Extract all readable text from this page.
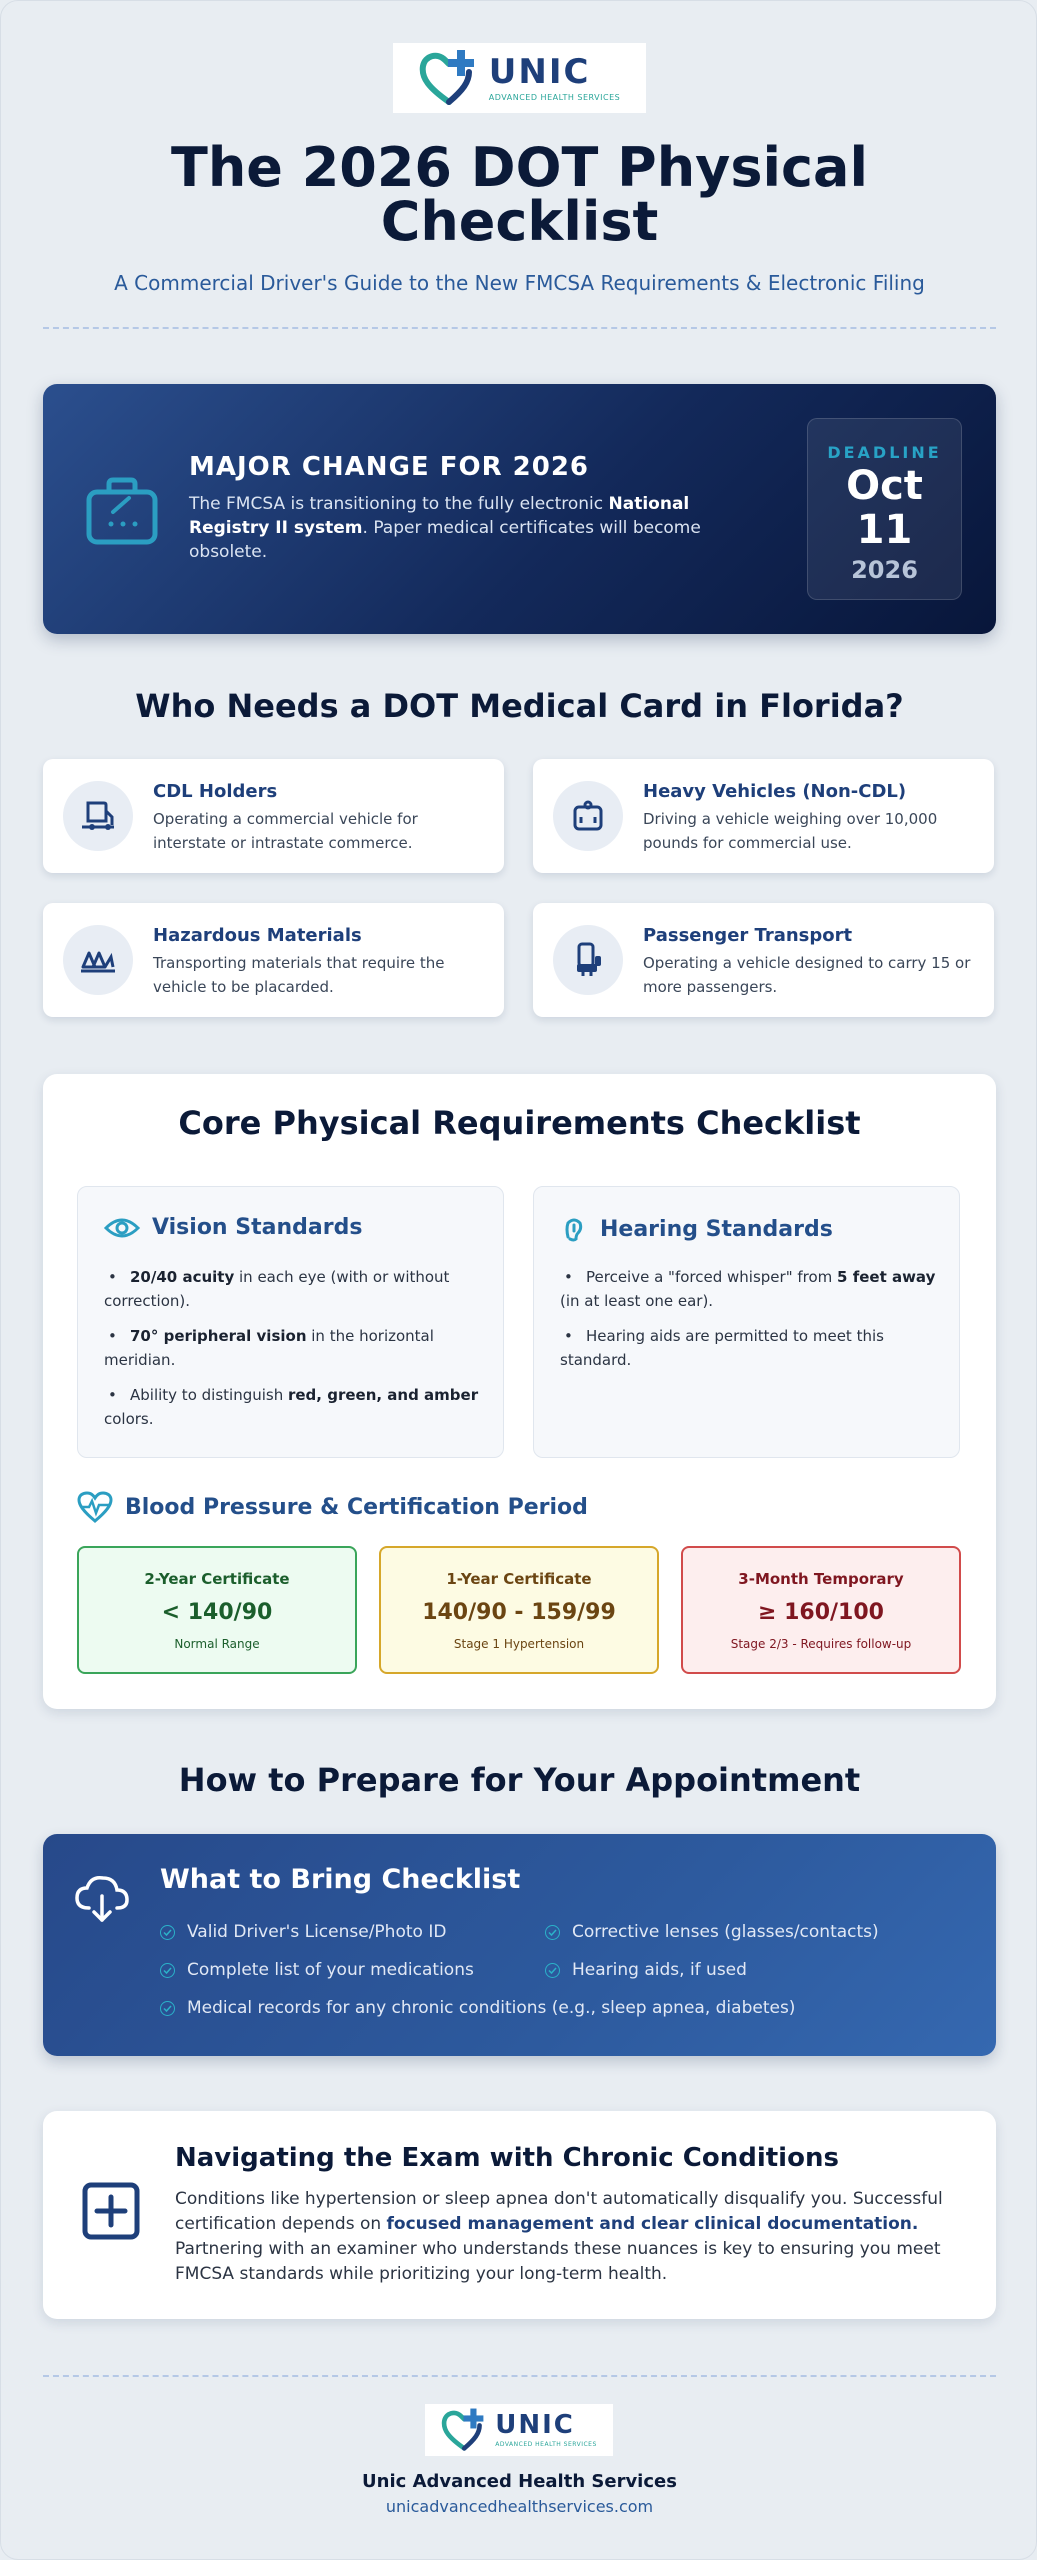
UNIC
ADVANCED HEALTH SERVICES
The 2026 DOT Physical
Checklist
A Commercial Driver's Guide to the New FMCSA Requirements & Electronic Filing
MAJOR CHANGE FOR 2026
The FMCSA is transitioning to the fully electronic National Registry II system. Paper medical certificates will become obsolete.
DEADLINE
Oct
11
2026
Who Needs a DOT Medical Card in Florida?
CDL Holders
Operating a commercial vehicle for interstate or intrastate commerce.
Heavy Vehicles (Non-CDL)
Driving a vehicle weighing over 10,000 pounds for commercial use.
Hazardous Materials
Transporting materials that require the vehicle to be placarded.
Passenger Transport
Operating a vehicle designed to carry 15 or more passengers.
Core Physical Requirements Checklist
Vision Standards
• 20/40 acuity in each eye (with or without correction).
• 70° peripheral vision in the horizontal meridian.
• Ability to distinguish red, green, and amber colors.
Hearing Standards
• Perceive a "forced whisper" from 5 feet away (in at least one ear).
• Hearing aids are permitted to meet this standard.
Blood Pressure & Certification Period
2-Year Certificate
< 140/90
Normal Range
1-Year Certificate
140/90 - 159/99
Stage 1 Hypertension
3-Month Temporary
≥ 160/100
Stage 2/3 - Requires follow-up
How to Prepare for Your Appointment
What to Bring Checklist
Valid Driver's License/Photo ID	Corrective lenses (glasses/contacts)
Complete list of your medications	Hearing aids, if used
Medical records for any chronic conditions (e.g., sleep apnea, diabetes)
Navigating the Exam with Chronic Conditions
Conditions like hypertension or sleep apnea don't automatically disqualify you. Successful certification depends on focused management and clear clinical documentation. Partnering with an examiner who understands these nuances is key to ensuring you meet FMCSA standards while prioritizing your long-term health.
UNIC
ADVANCED HEALTH SERVICES
Unic Advanced Health Services
unicadvancedhealthservices.com
